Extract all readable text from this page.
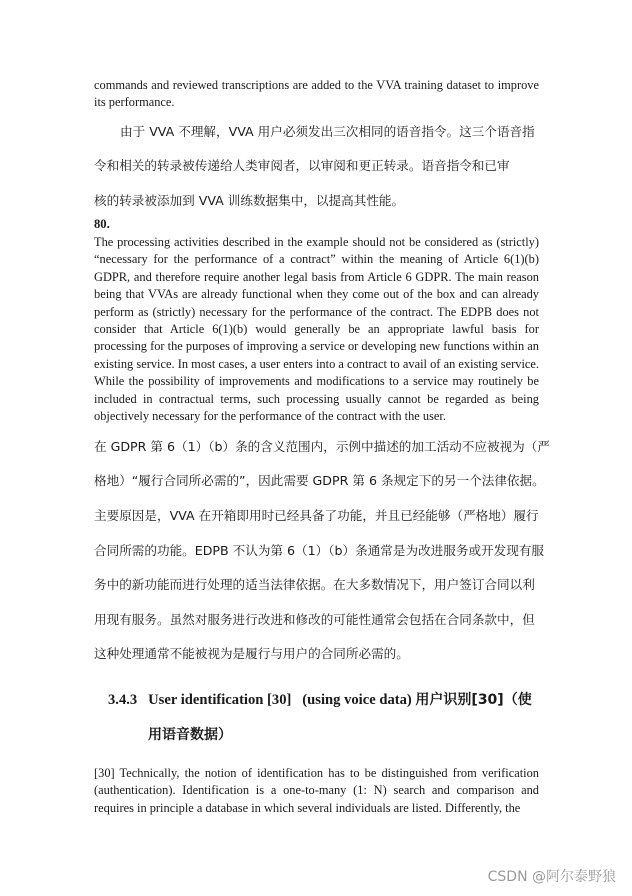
commands and reviewed transcriptions are added to the VVA training dataset to improve its performance.
由于 VVA 不理解，VVA 用户必须发出三次相同的语音指令。这三个语音指
令和相关的转录被传递给人类审阅者，以审阅和更正转录。语音指令和已审
核的转录被添加到 VVA 训练数据集中，以提高其性能。
80.
The processing activities described in the example should not be considered as (strictly) “necessary for the performance of a contract” within the meaning of Article 6(1)(b) GDPR, and therefore require another legal basis from Article 6 GDPR. The main reason being that VVAs are already functional when they come out of the box and can already perform as (strictly) necessary for the performance of the contract. The EDPB does not consider that Article 6(1)(b) would generally be an appropriate lawful basis for processing for the purposes of improving a service or developing new functions within an existing service. In most cases, a user enters into a contract to avail of an existing service. While the possibility of improvements and modifications to a service may routinely be included in contractual terms, such processing usually cannot be regarded as being objectively necessary for the performance of the contract with the user.
在 GDPR 第 6（1）（b）条的含义范围内，示例中描述的加工活动不应被视为（严
格地）“履行合同所必需的”，因此需要 GDPR 第 6 条规定下的另一个法律依据。
主要原因是，VVA 在开箱即用时已经具备了功能，并且已经能够（严格地）履行
合同所需的功能。EDPB 不认为第 6（1）（b）条通常是为改进服务或开发现有服
务中的新功能而进行处理的适当法律依据。在大多数情况下，用户签订合同以利
用现有服务。虽然对服务进行改进和修改的可能性通常会包括在合同条款中，但
这种处理通常不能被视为是履行与用户的合同所必需的。
3.4.3 User identification [30]   (using voice data) 用户识别[30]（使
用语音数据）
[30] Technically, the notion of identification has to be distinguished from verification (authentication). Identification is a one-to-many (1: N) search and comparison and requires in principle a database in which several individuals are listed. Differently, the
CSDN @阿尔泰野狼
